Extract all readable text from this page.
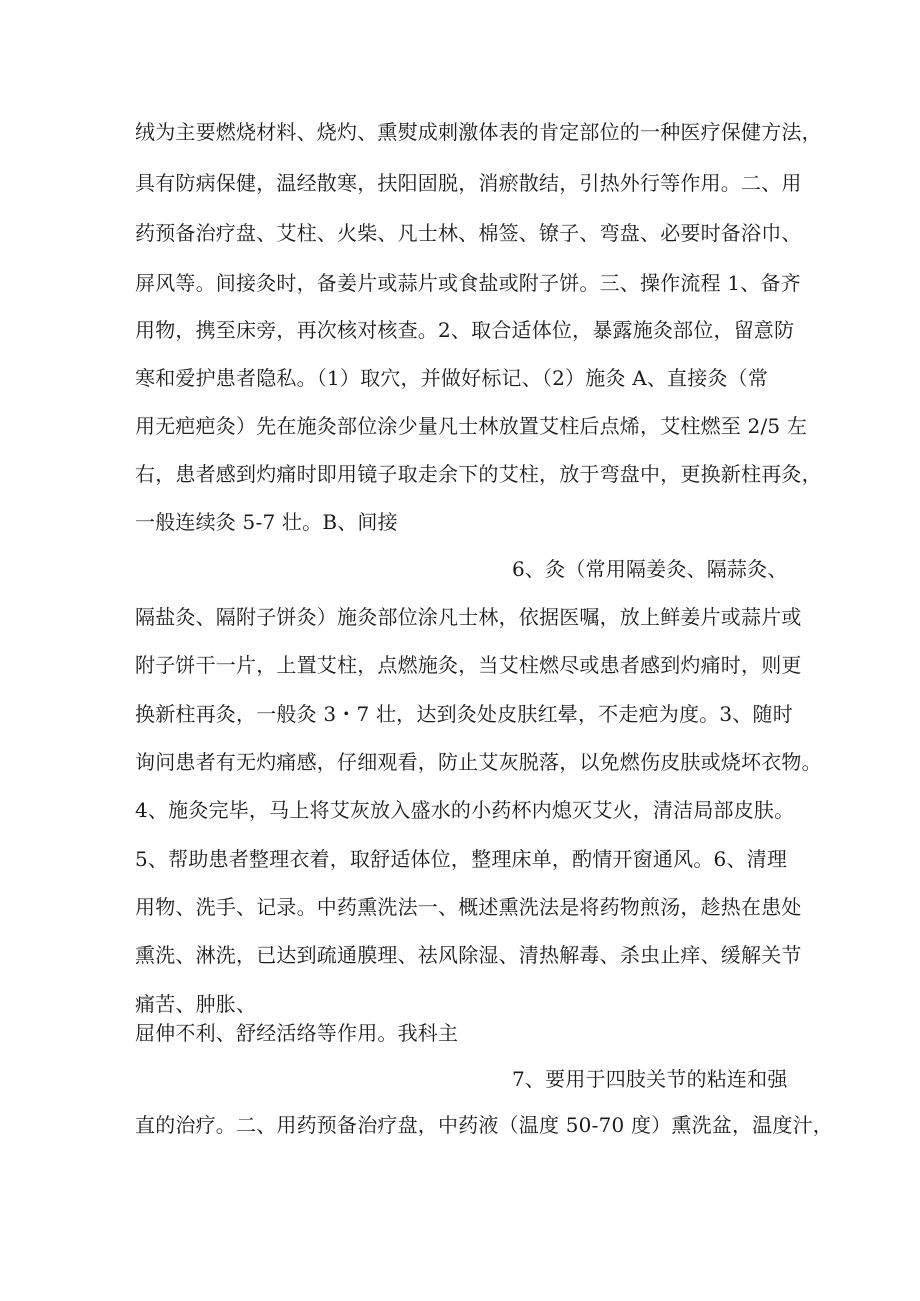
绒为主要燃烧材料、烧灼、熏熨成刺激体表的肯定部位的一种医疗保健方法，
具有防病保健，温经散寒，扶阳固脱，消瘀散结，引热外行等作用。二、用
药预备治疗盘、艾柱、火柴、凡士林、棉签、镣子、弯盘、必要时备浴巾、
屏风等。间接灸时，备姜片或蒜片或食盐或附子饼。三、操作流程 1、备齐
用物，携至床旁，再次核对核查。2、取合适体位，暴露施灸部位，留意防
寒和爱护患者隐私。（1）取穴，并做好标记、（2）施灸 A、直接灸（常
用无疤疤灸）先在施灸部位涂少量凡士林放置艾柱后点烯，艾柱燃至 2/5 左
右，患者感到灼痛时即用镜子取走余下的艾柱，放于弯盘中，更换新柱再灸，
一般连续灸 5-7 壮。B、间接
6、灸（常用隔姜灸、隔蒜灸、
隔盐灸、隔附子饼灸）施灸部位涂凡士林，依据医嘱，放上鲜姜片或蒜片或
附子饼干一片，上置艾柱，点燃施灸，当艾柱燃尽或患者感到灼痛时，则更
换新柱再灸，一般灸 3・7 壮，达到灸处皮肤红晕，不走疤为度。3、随时
询问患者有无灼痛感，仔细观看，防止艾灰脱落，以免燃伤皮肤或烧坏衣物。
4、施灸完毕，马上将艾灰放入盛水的小药杯内熄灭艾火，清洁局部皮肤。
5、帮助患者整理衣着，取舒适体位，整理床单，酌情开窗通风。6、清理
用物、洗手、记录。中药熏洗法一、概述熏洗法是将药物煎汤，趁热在患处
熏洗、淋洗，已达到疏通膜理、祛风除湿、清热解毒、杀虫止痒、缓解关节
痛苦、肿胀、
屈伸不利、舒经活络等作用。我科主
7、要用于四肢关节的粘连和强
直的治疗。二、用药预备治疗盘，中药液（温度 50-70 度）熏洗盆，温度汁，
